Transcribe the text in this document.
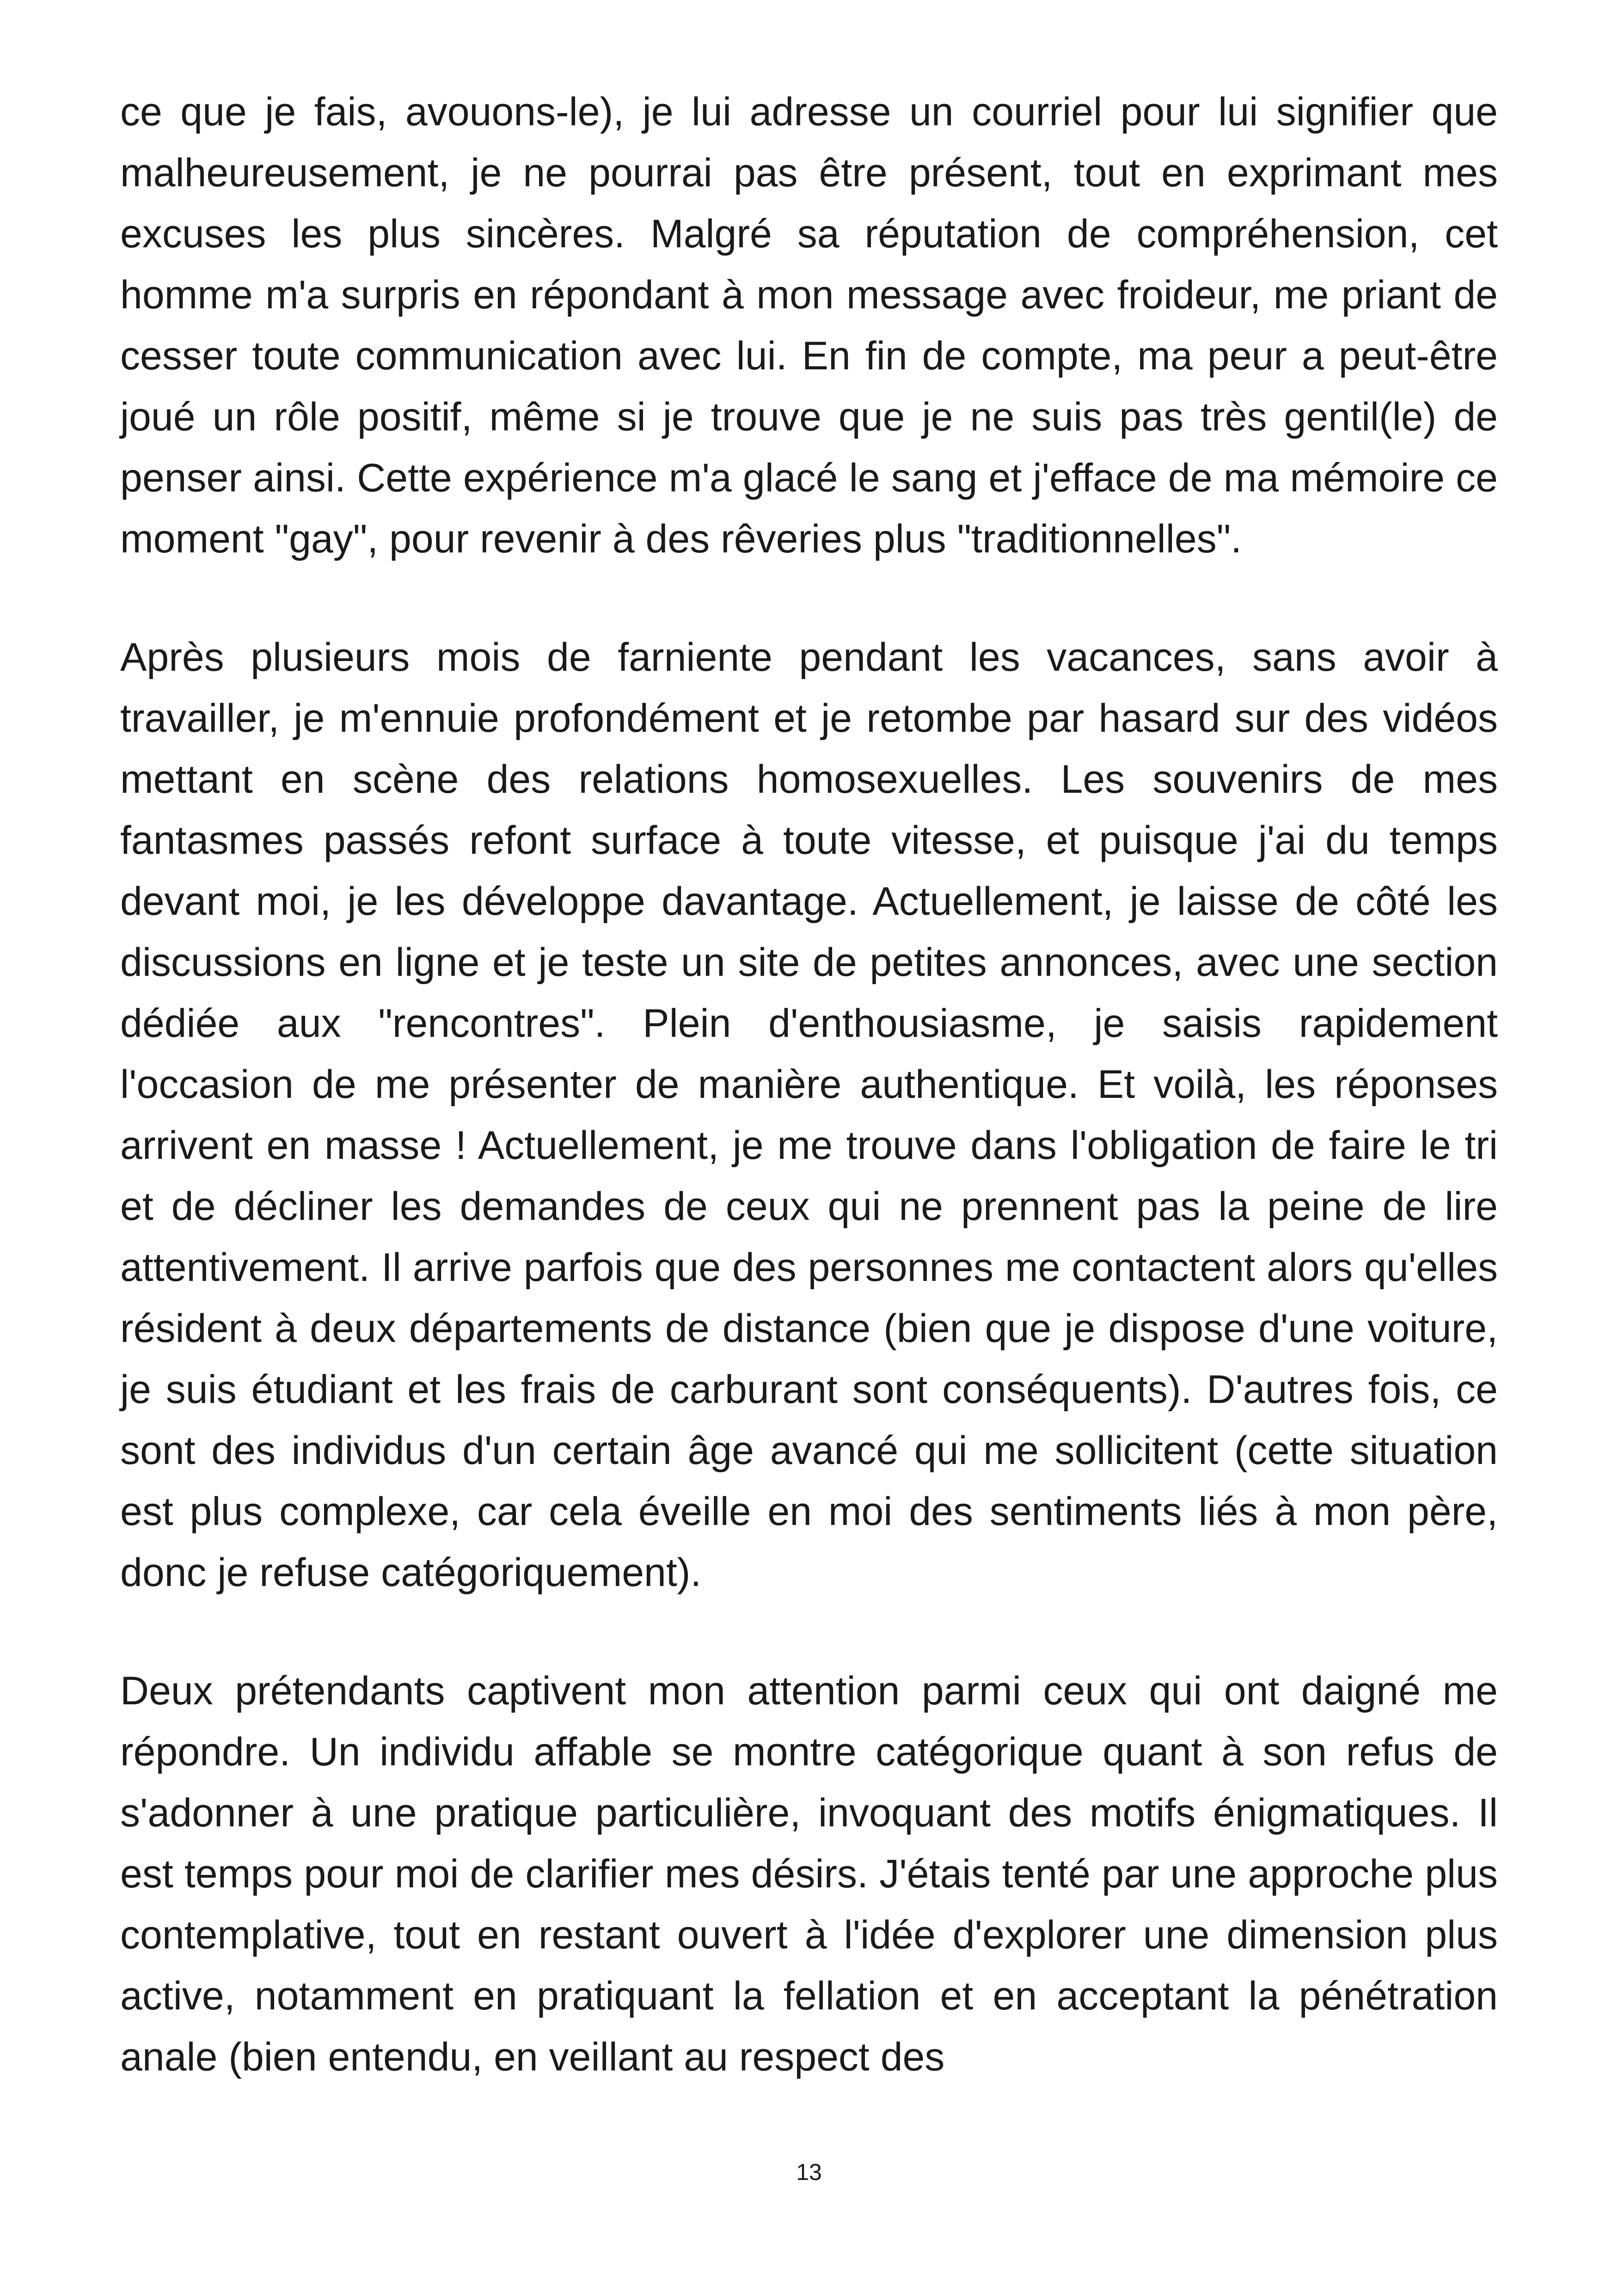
ce que je fais, avouons-le), je lui adresse un courriel pour lui signifier que malheureusement, je ne pourrai pas être présent, tout en exprimant mes excuses les plus sincères. Malgré sa réputation de compréhension, cet homme m'a surpris en répondant à mon message avec froideur, me priant de cesser toute communication avec lui. En fin de compte, ma peur a peut-être joué un rôle positif, même si je trouve que je ne suis pas très gentil(le) de penser ainsi. Cette expérience m'a glacé le sang et j'efface de ma mémoire ce moment "gay", pour revenir à des rêveries plus "traditionnelles".

Après plusieurs mois de farniente pendant les vacances, sans avoir à travailler, je m'ennuie profondément et je retombe par hasard sur des vidéos mettant en scène des relations homosexuelles. Les souvenirs de mes fantasmes passés refont surface à toute vitesse, et puisque j'ai du temps devant moi, je les développe davantage. Actuellement, je laisse de côté les discussions en ligne et je teste un site de petites annonces, avec une section dédiée aux "rencontres". Plein d'enthousiasme, je saisis rapidement l'occasion de me présenter de manière authentique. Et voilà, les réponses arrivent en masse ! Actuellement, je me trouve dans l'obligation de faire le tri et de décliner les demandes de ceux qui ne prennent pas la peine de lire attentivement. Il arrive parfois que des personnes me contactent alors qu'elles résident à deux départements de distance (bien que je dispose d'une voiture, je suis étudiant et les frais de carburant sont conséquents). D'autres fois, ce sont des individus d'un certain âge avancé qui me sollicitent (cette situation est plus complexe, car cela éveille en moi des sentiments liés à mon père, donc je refuse catégoriquement).

Deux prétendants captivent mon attention parmi ceux qui ont daigné me répondre. Un individu affable se montre catégorique quant à son refus de s'adonner à une pratique particulière, invoquant des motifs énigmatiques. Il est temps pour moi de clarifier mes désirs. J'étais tenté par une approche plus contemplative, tout en restant ouvert à l'idée d'explorer une dimension plus active, notamment en pratiquant la fellation et en acceptant la pénétration anale (bien entendu, en veillant au respect des

13
